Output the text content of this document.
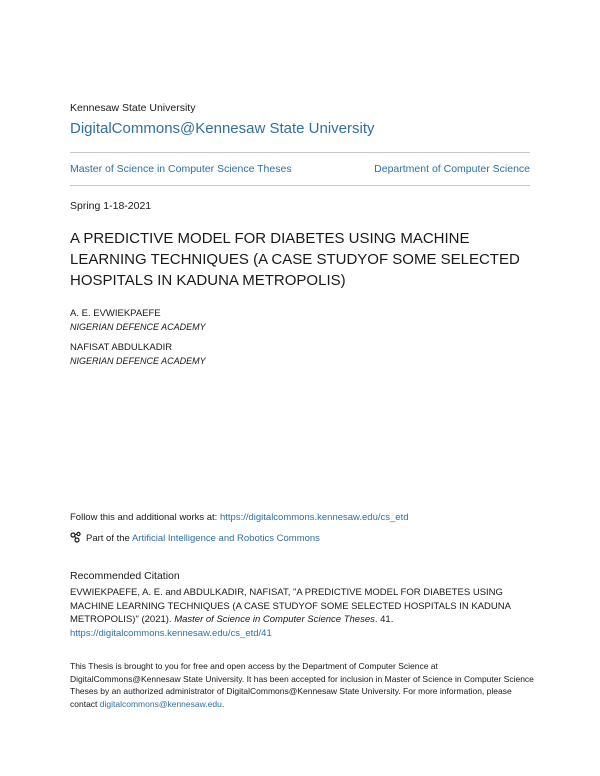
Kennesaw State University
DigitalCommons@Kennesaw State University
Master of Science in Computer Science Theses	Department of Computer Science
Spring 1-18-2021
A PREDICTIVE MODEL FOR DIABETES USING MACHINE LEARNING TECHNIQUES (A CASE STUDYOF SOME SELECTED HOSPITALS IN KADUNA METROPOLIS)
A. E. EVWIEKPAEFE
NIGERIAN DEFENCE ACADEMY
NAFISAT ABDULKADIR
NIGERIAN DEFENCE ACADEMY
Follow this and additional works at: https://digitalcommons.kennesaw.edu/cs_etd
Part of the Artificial Intelligence and Robotics Commons
Recommended Citation
EVWIEKPAEFE, A. E. and ABDULKADIR, NAFISAT, "A PREDICTIVE MODEL FOR DIABETES USING MACHINE LEARNING TECHNIQUES (A CASE STUDYOF SOME SELECTED HOSPITALS IN KADUNA METROPOLIS)" (2021). Master of Science in Computer Science Theses. 41.
https://digitalcommons.kennesaw.edu/cs_etd/41
This Thesis is brought to you for free and open access by the Department of Computer Science at DigitalCommons@Kennesaw State University. It has been accepted for inclusion in Master of Science in Computer Science Theses by an authorized administrator of DigitalCommons@Kennesaw State University. For more information, please contact digitalcommons@kennesaw.edu.
